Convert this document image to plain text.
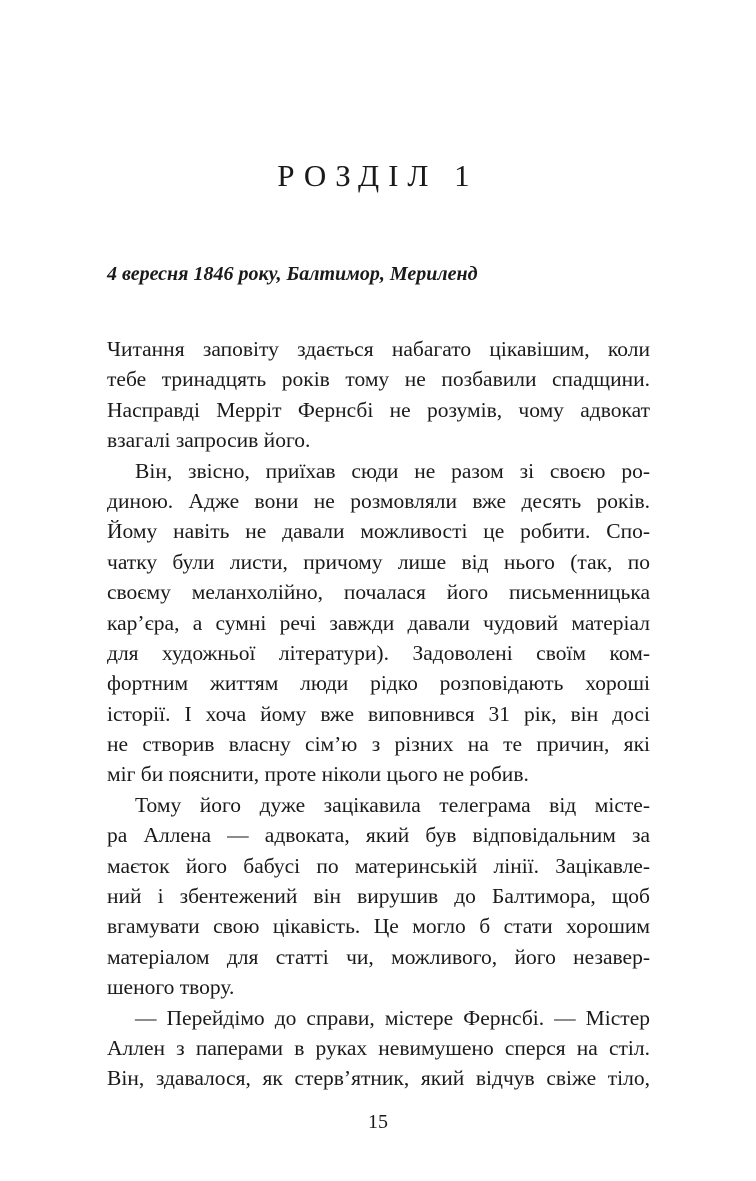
РОЗДІЛ 1
4 вересня 1846 року, Балтимор, Мериленд
Читання заповіту здається набагато цікавішим, коли
тебе тринадцять років тому не позбавили спадщини.
Насправді Мерріт Фернсбі не розумів, чому адвокат
взагалі запросив його.
Він, звісно, приїхав сюди не разом зі своєю ро-
диною. Адже вони не розмовляли вже десять років.
Йому навіть не давали можливості це робити. Спо-
чатку були листи, причому лише від нього (так, по
своєму меланхолійно, почалася його письменницька
кар’єра, а сумні речі завжди давали чудовий матеріал
для художньої літератури). Задоволені своїм ком-
фортним життям люди рідко розповідають хороші
історії. І хоча йому вже виповнився 31 рік, він досі
не створив власну сім’ю з різних на те причин, які
міг би пояснити, проте ніколи цього не робив.
Тому його дуже зацікавила телеграма від місте-
ра Аллена — адвоката, який був відповідальним за
маєток його бабусі по материнській лінії. Зацікавле-
ний і збентежений він вирушив до Балтимора, щоб
вгамувати свою цікавість. Це могло б стати хорошим
матеріалом для статті чи, можливого, його незавер-
шеного твору.
— Перейдімо до справи, містере Фернсбі. — Містер
Аллен з паперами в руках невимушено сперся на стіл.
Він, здавалося, як стерв’ятник, який відчув свіже тіло,
15
